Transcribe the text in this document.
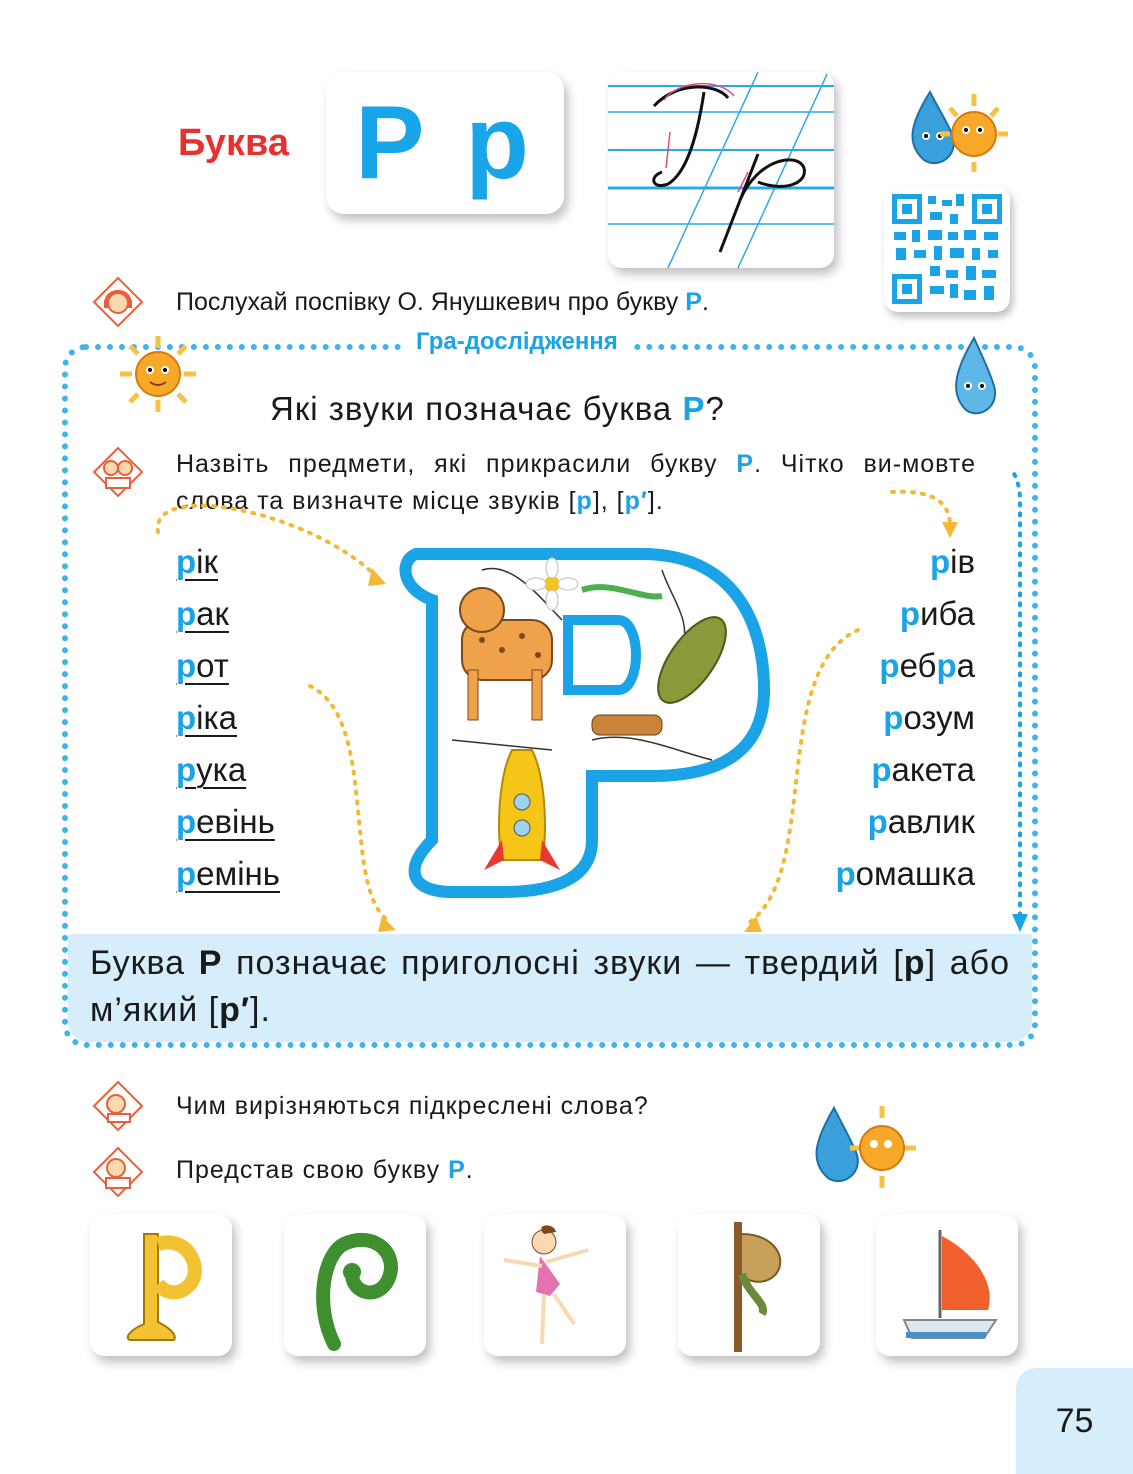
Буква Р р
Послухай поспівку О. Янушкевич про букву Р.
Гра-дослідження
Які звуки позначає буква Р?
Назвіть предмети, які прикрасили букву Р. Чітко ви-мовте слова та визначте місце звуків [р], [р′].
рік
рак
рот
ріка
рука
ревінь
ремінь
рів
риба
ребра
розум
ракета
равлик
ромашка
Буква Р позначає приголосні звуки — твердий [р] або м’який [р′].
Чим вирізняються підкреслені слова?
Представ свою букву Р.
75
